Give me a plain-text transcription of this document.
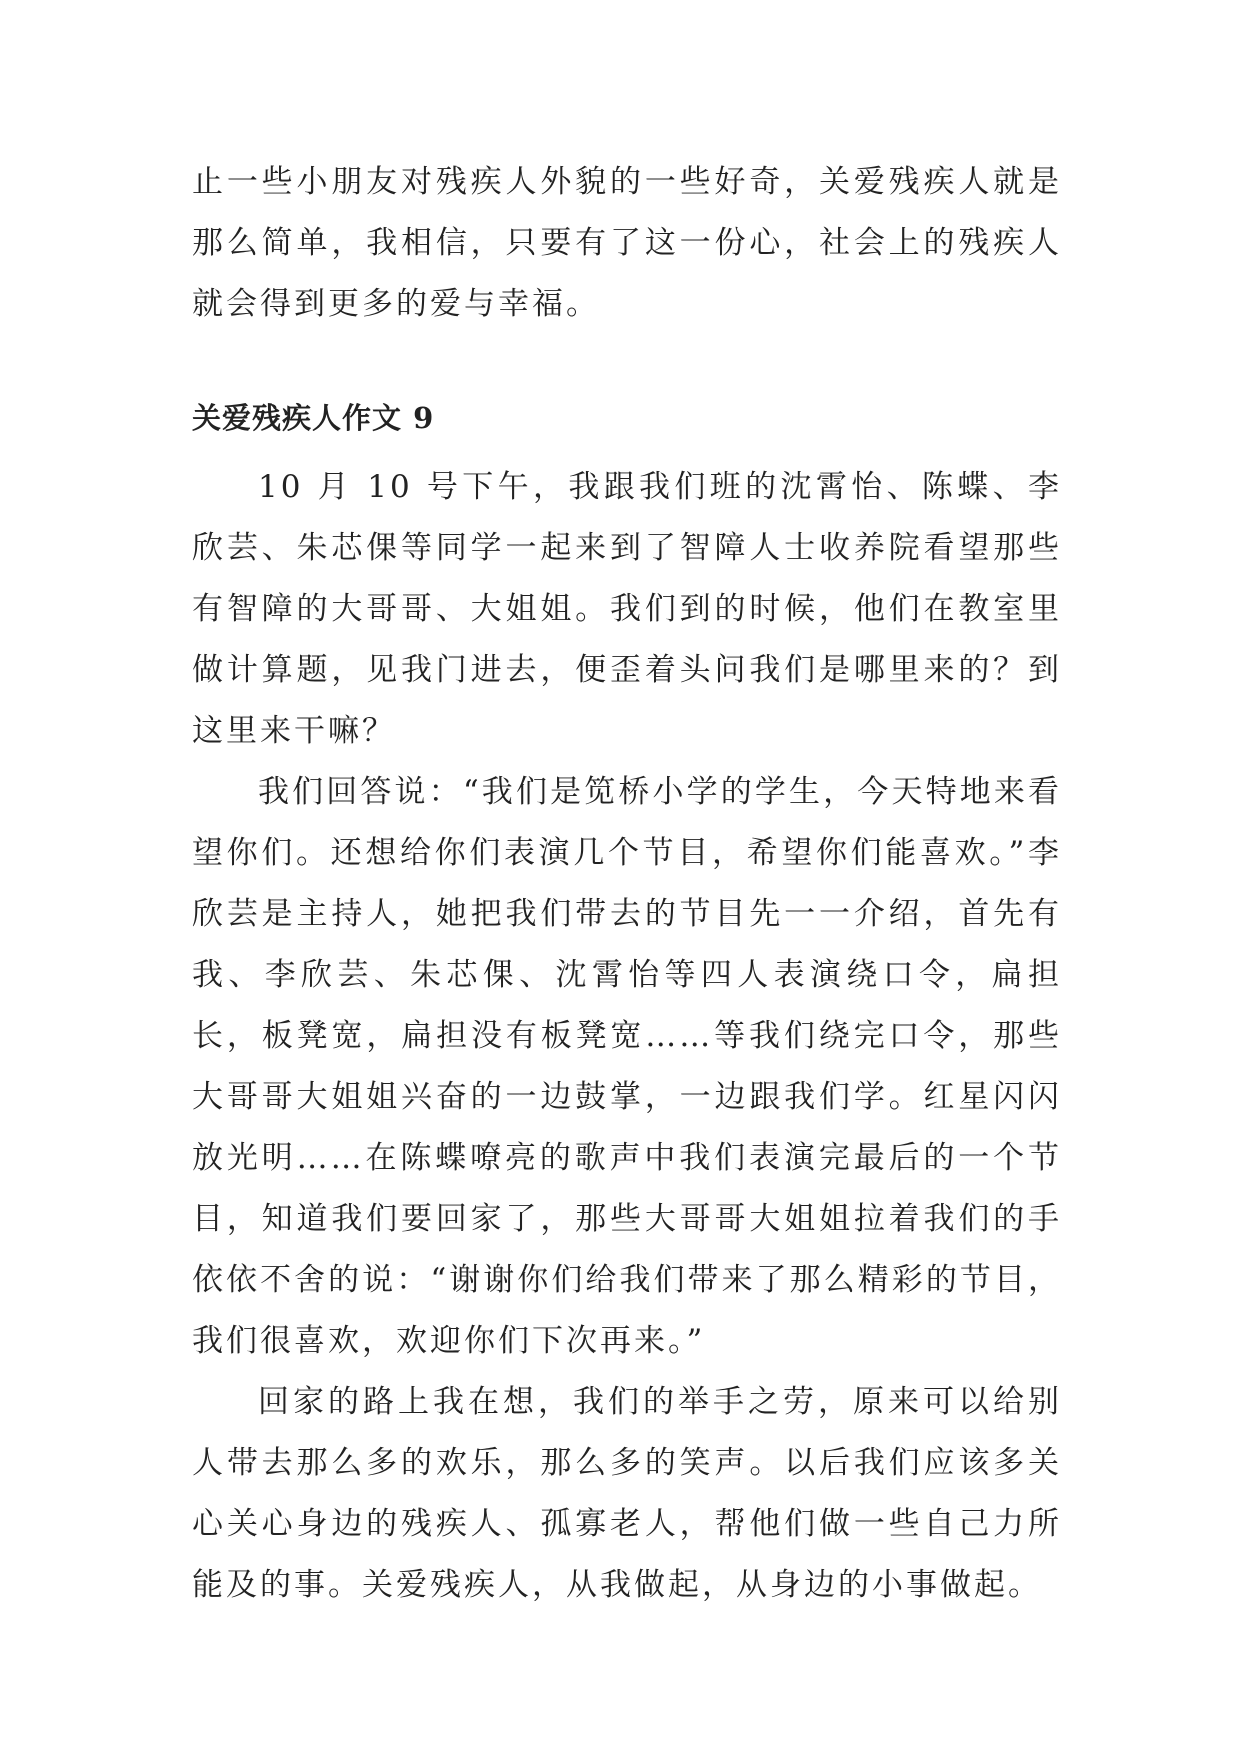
止一些小朋友对残疾人外貌的一些好奇，关爱残疾人就是那么简单，我相信，只要有了这一份心，社会上的残疾人就会得到更多的爱与幸福。

关爱残疾人作文 9

10 月 10 号下午，我跟我们班的沈霄怡、陈蝶、李欣芸、朱芯倮等同学一起来到了智障人士收养院看望那些有智障的大哥哥、大姐姐。我们到的时候，他们在教室里做计算题，见我门进去，便歪着头问我们是哪里来的？到这里来干嘛？

我们回答说：“我们是笕桥小学的学生，今天特地来看望你们。还想给你们表演几个节目，希望你们能喜欢。”李欣芸是主持人，她把我们带去的节目先一一介绍，首先有我、李欣芸、朱芯倮、沈霄怡等四人表演绕口令，扁担长，板凳宽，扁担没有板凳宽……等我们绕完口令，那些大哥哥大姐姐兴奋的一边鼓掌，一边跟我们学。红星闪闪放光明……在陈蝶嘹亮的歌声中我们表演完最后的一个节目，知道我们要回家了，那些大哥哥大姐姐拉着我们的手依依不舍的说：“谢谢你们给我们带来了那么精彩的节目，我们很喜欢，欢迎你们下次再来。”

回家的路上我在想，我们的举手之劳，原来可以给别人带去那么多的欢乐，那么多的笑声。以后我们应该多关心关心身边的残疾人、孤寡老人，帮他们做一些自己力所能及的事。关爱残疾人，从我做起，从身边的小事做起。
